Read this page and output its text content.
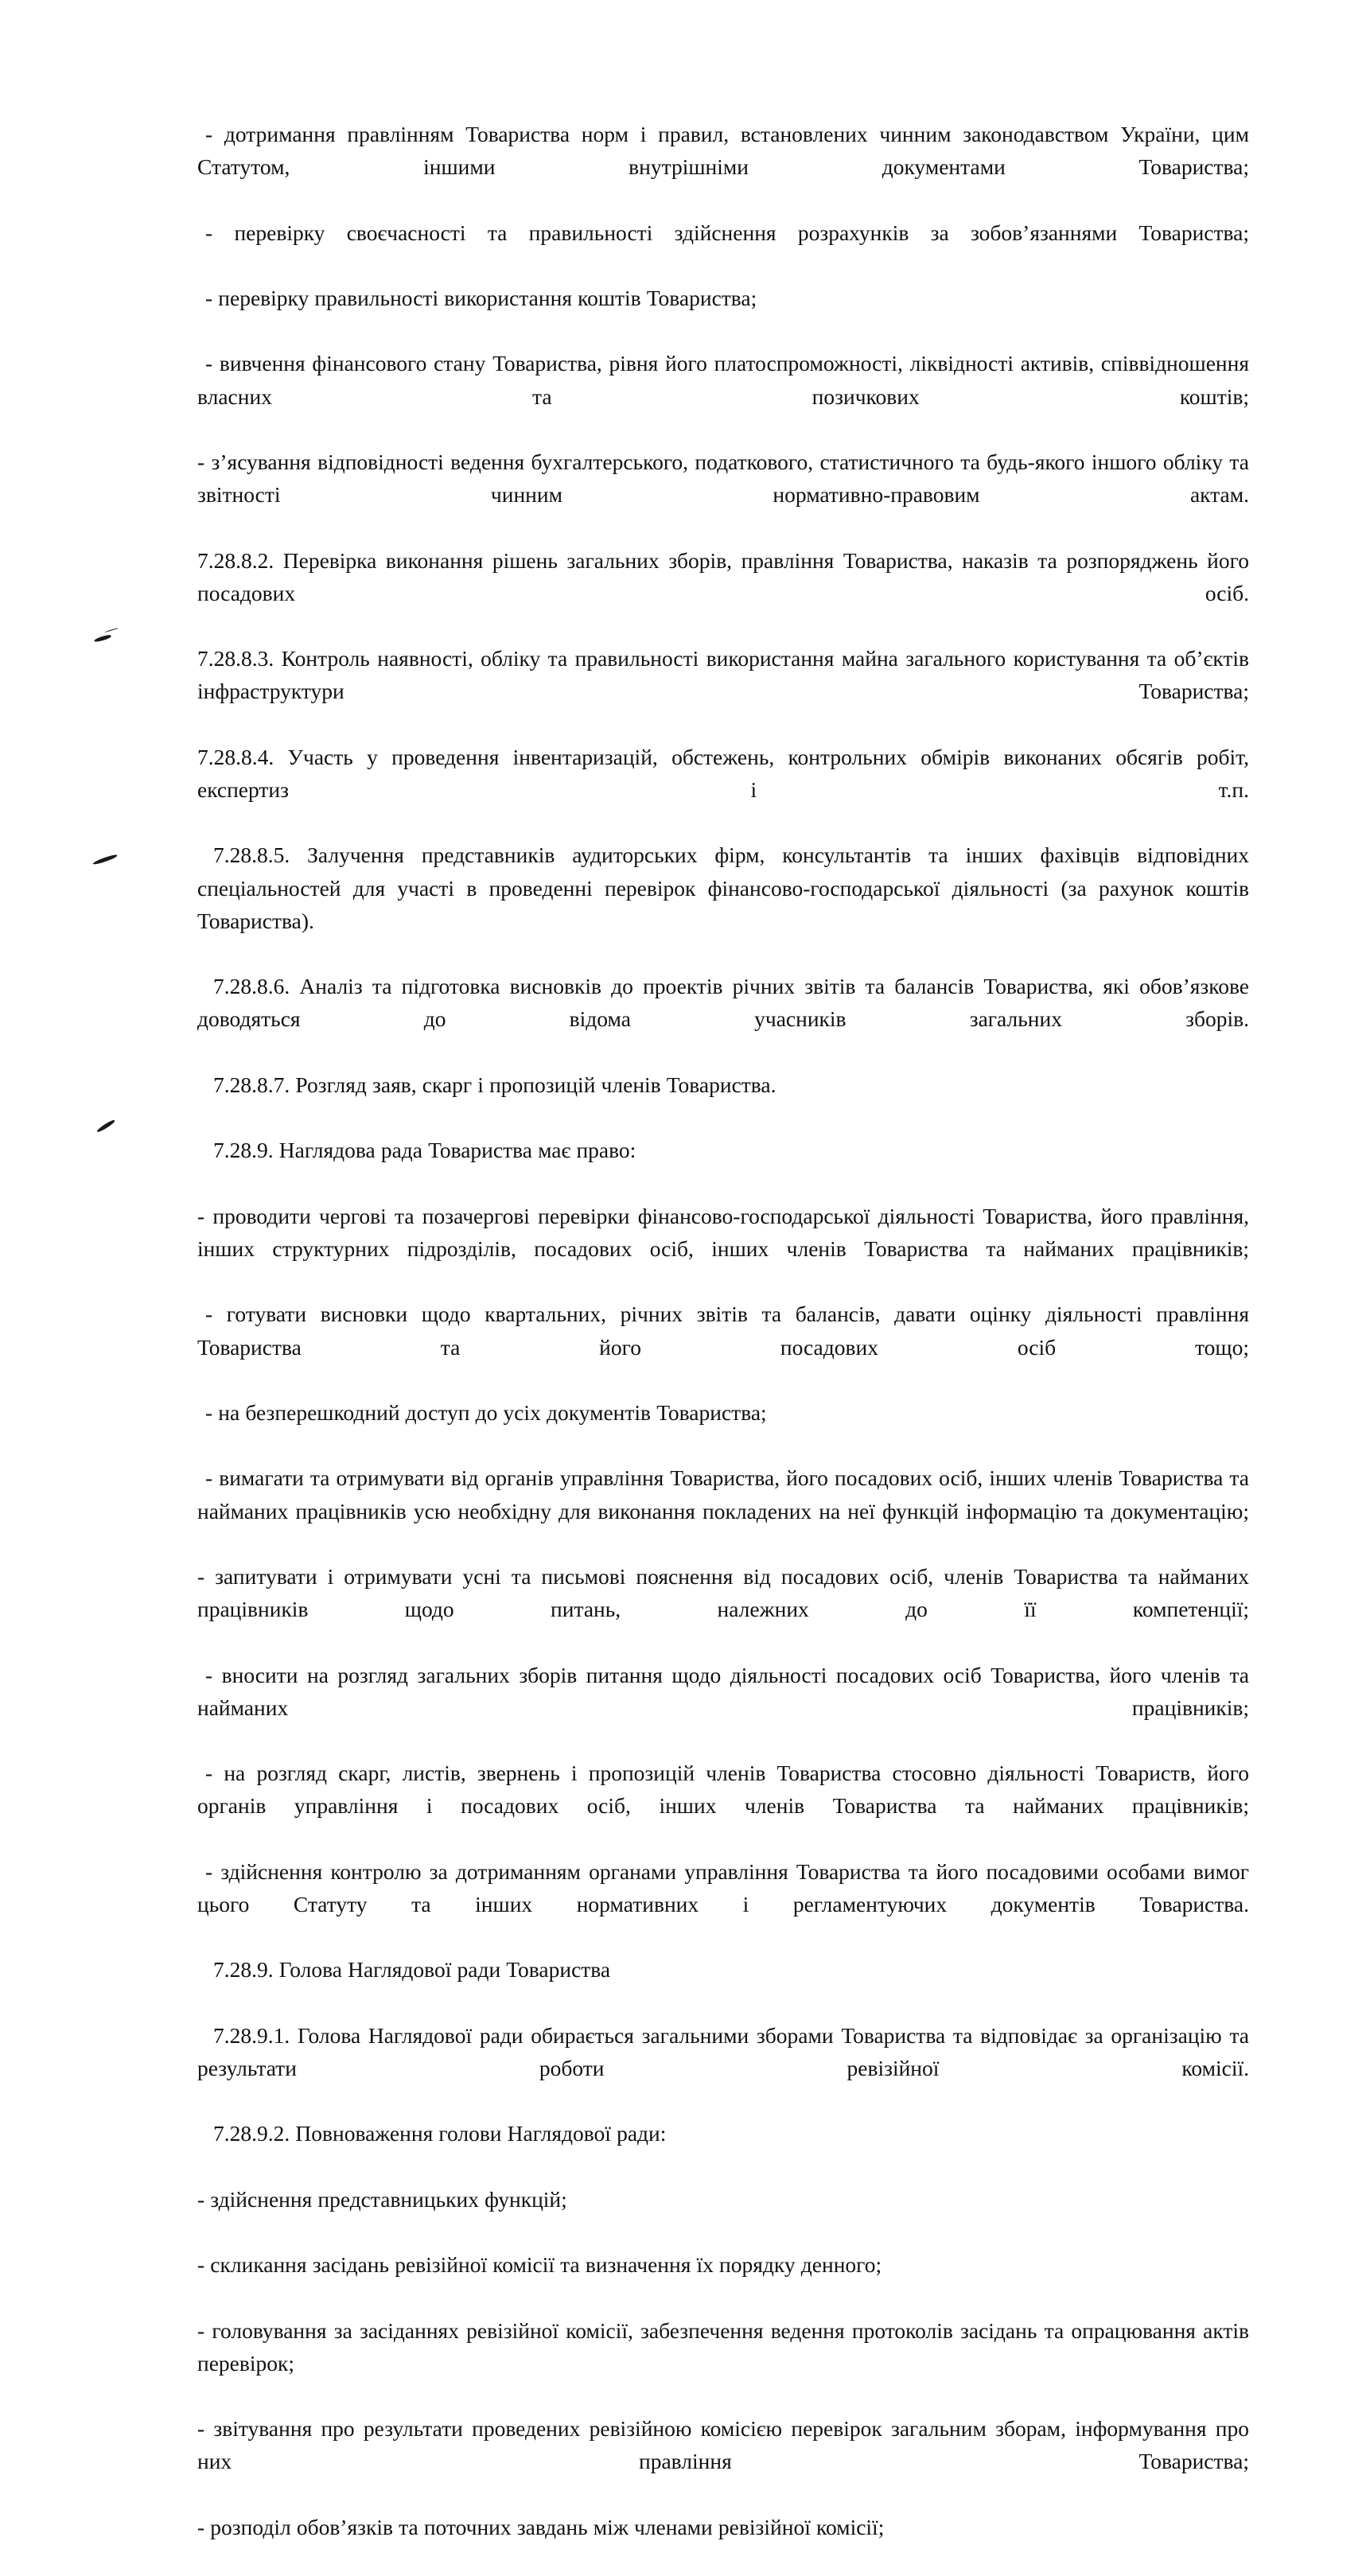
- дотримання правлінням Товариства норм і правил, встановлених чинним законодавством України, цим Статутом, іншими внутрішніми документами Товариства;

- перевірку своєчасності та правильності здійснення розрахунків за зобов’язаннями Товариства;

- перевірку правильності використання коштів Товариства;

- вивчення фінансового стану Товариства, рівня його платоспроможності, ліквідності активів, співвідношення власних та позичкових коштів;

- з’ясування відповідності ведення бухгалтерського, податкового, статистичного та будь-якого іншого обліку та звітності чинним нормативно-правовим актам.

7.28.8.2. Перевірка виконання рішень загальних зборів, правління Товариства, наказів та розпоряджень його посадових осіб.

7.28.8.3. Контроль наявності, обліку та правильності використання майна загального користування та об’єктів інфраструктури Товариства;

7.28.8.4. Участь у проведення інвентаризацій, обстежень, контрольних обмірів виконаних обсягів робіт, експертиз і т.п.

7.28.8.5. Залучення представників аудиторських фірм, консультантів та інших фахівців відповідних спеціальностей для участі в проведенні перевірок фінансово-господарської діяльності (за рахунок коштів Товариства).

7.28.8.6. Аналіз та підготовка висновків до проектів річних звітів та балансів Товариства, які обов’язкове доводяться до відома учасників загальних зборів.

7.28.8.7. Розгляд заяв, скарг і пропозицій членів Товариства.

7.28.9. Наглядова рада Товариства має право:

- проводити чергові та позачергові перевірки фінансово-господарської діяльності Товариства, його правління, інших структурних підрозділів, посадових осіб, інших членів Товариства та найманих працівників;

- готувати висновки щодо квартальних, річних звітів та балансів, давати оцінку діяльності правління Товариства та його посадових осіб тощо;

- на безперешкодний доступ до усіх документів Товариства;

- вимагати та отримувати від органів управління Товариства, його посадових осіб, інших членів Товариства та найманих працівників усю необхідну для виконання покладених на неї функцій інформацію та документацію;

- запитувати і отримувати усні та письмові пояснення від посадових осіб, членів Товариства та найманих працівників щодо питань, належних до її компетенції;

- вносити на розгляд загальних зборів питання щодо діяльності посадових осіб Товариства, його членів та найманих працівників;

- на розгляд скарг, листів, звернень і пропозицій членів Товариства стосовно діяльності Товариств, його органів управління і посадових осіб, інших членів Товариства та найманих працівників;

- здійснення контролю за дотриманням органами управління Товариства та його посадовими особами вимог цього Статуту та інших нормативних і регламентуючих документів Товариства.

7.28.9. Голова Наглядової ради Товариства

7.28.9.1. Голова Наглядової ради обирається загальними зборами Товариства та відповідає за організацію та результати роботи ревізійної комісії.

7.28.9.2. Повноваження голови Наглядової ради:

- здійснення представницьких функцій;

- скликання засідань ревізійної комісії та визначення їх порядку денного;

- головування за засіданнях ревізійної комісії, забезпечення ведення протоколів засідань та опрацювання актів перевірок;

- звітування про результати проведених ревізійною комісією перевірок загальним зборам, інформування про них правління Товариства;

- розподіл обов’язків та поточних завдань між членами ревізійної комісії;
